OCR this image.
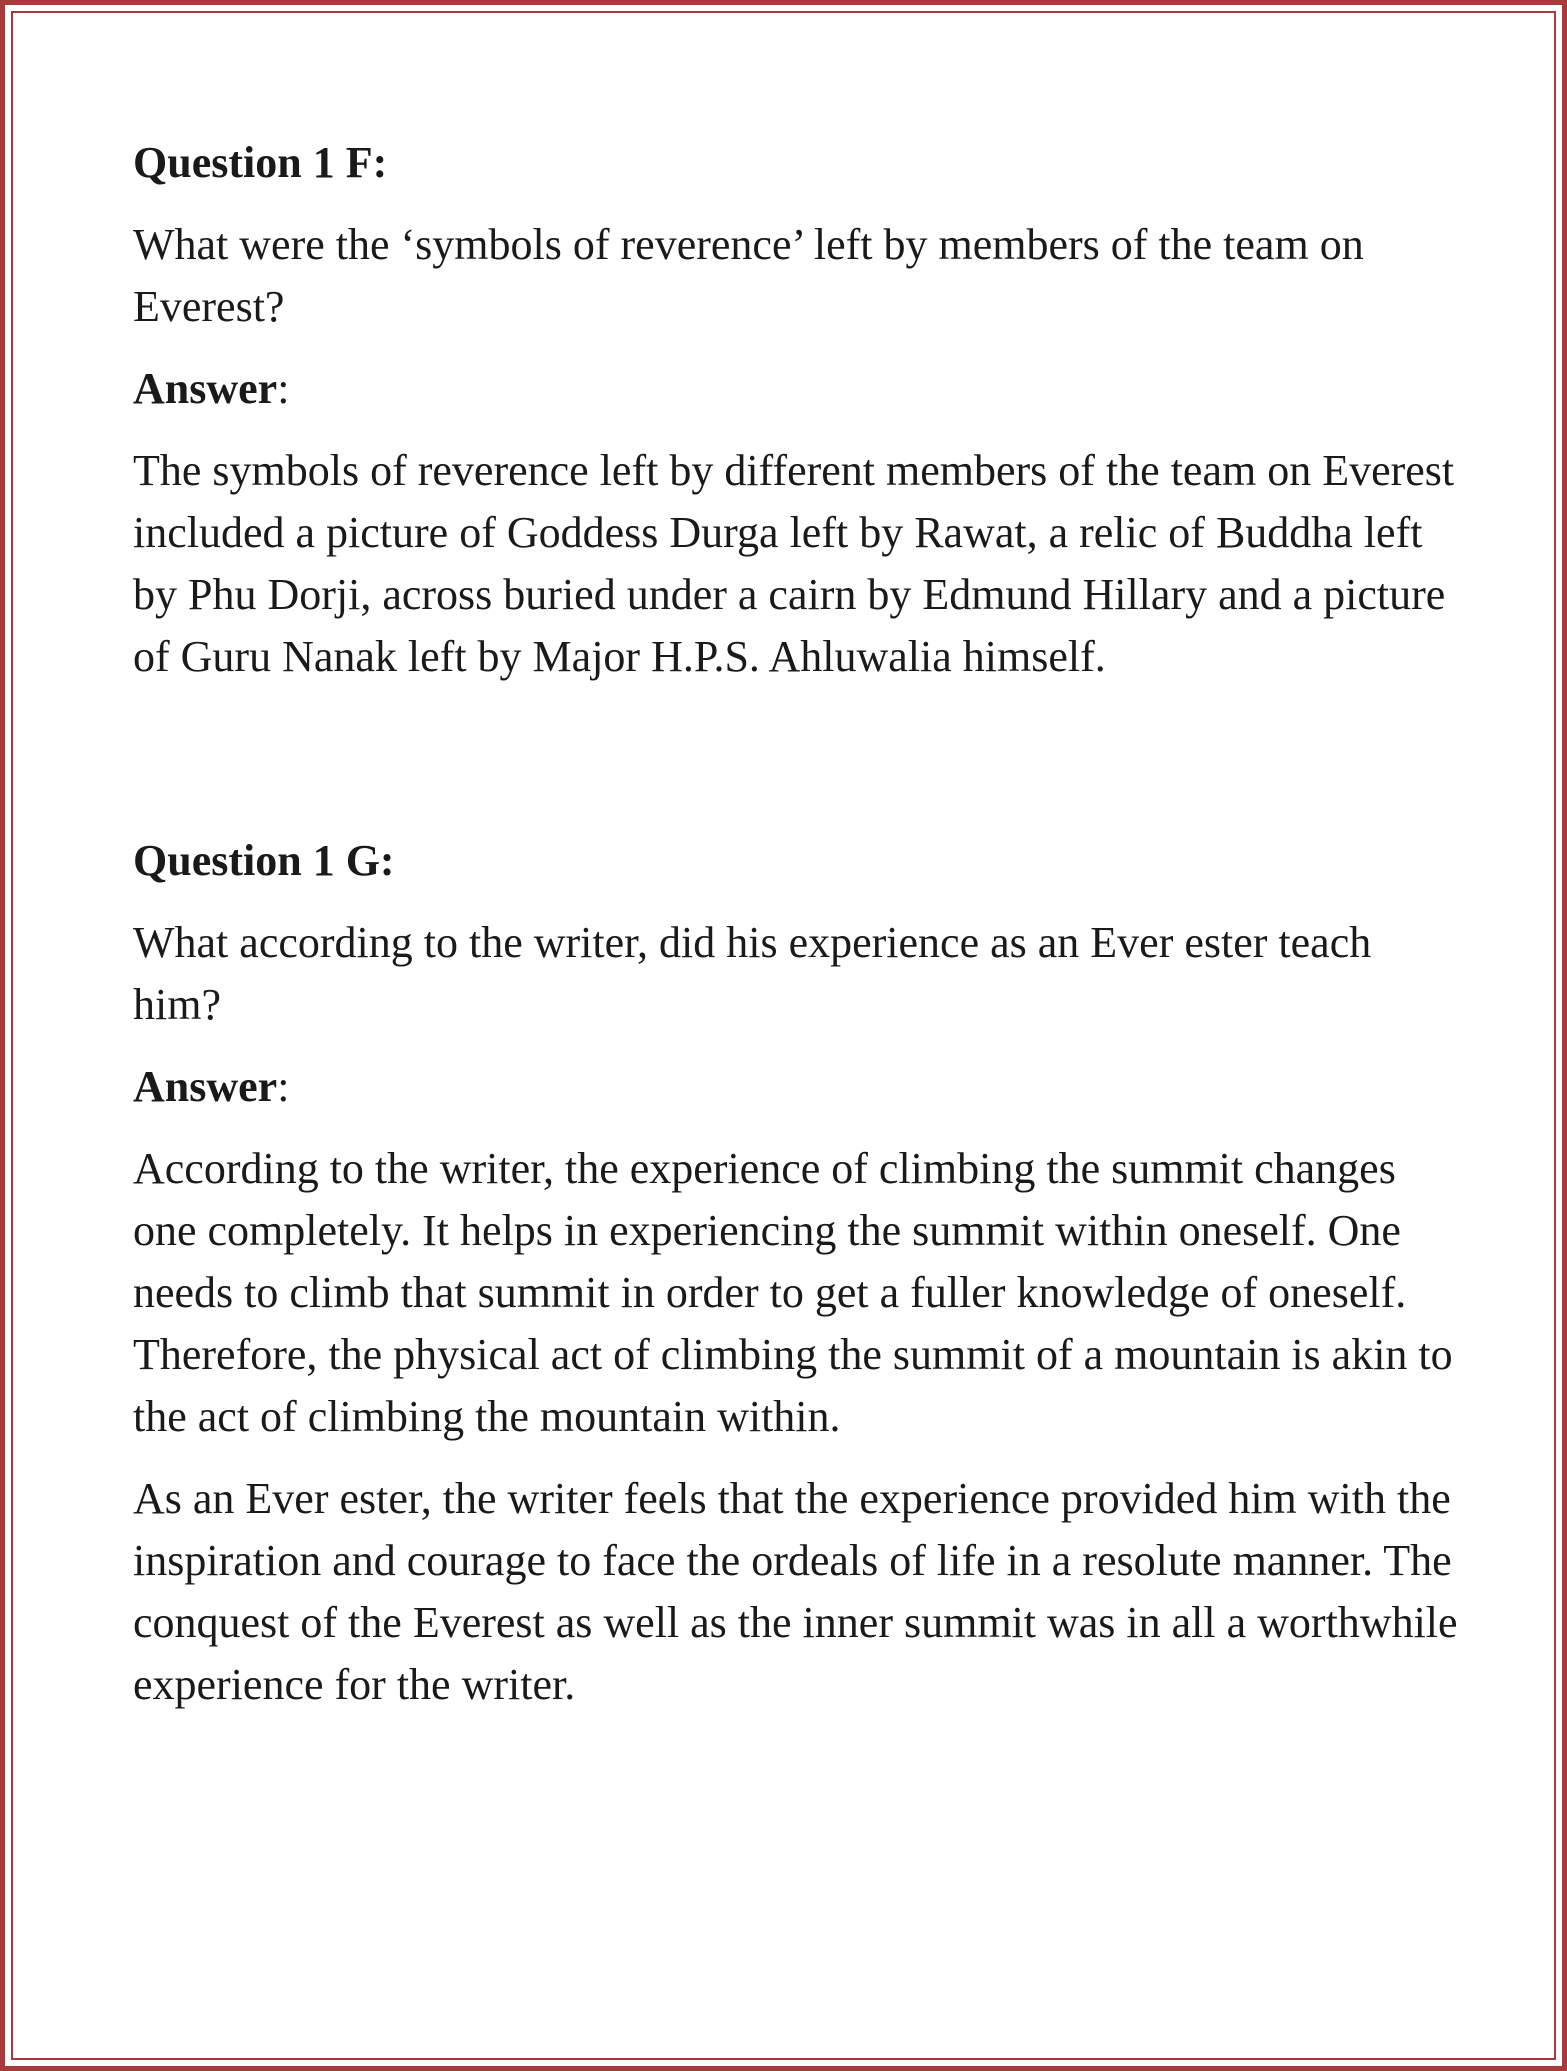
Question 1 F:

What were the ‘symbols of reverence’ left by members of the team on Everest?

Answer:

The symbols of reverence left by different members of the team on Everest included a picture of Goddess Durga left by Rawat, a relic of Buddha left by Phu Dorji, across buried under a cairn by Edmund Hillary and a picture of Guru Nanak left by Major H.P.S. Ahluwalia himself.

Question 1 G:

What according to the writer, did his experience as an Ever ester teach him?

Answer:

According to the writer, the experience of climbing the summit changes one completely. It helps in experiencing the summit within oneself. One needs to climb that summit in order to get a fuller knowledge of oneself. Therefore, the physical act of climbing the summit of a mountain is akin to the act of climbing the mountain within.

As an Ever ester, the writer feels that the experience provided him with the inspiration and courage to face the ordeals of life in a resolute manner. The conquest of the Everest as well as the inner summit was in all a worthwhile experience for the writer.
